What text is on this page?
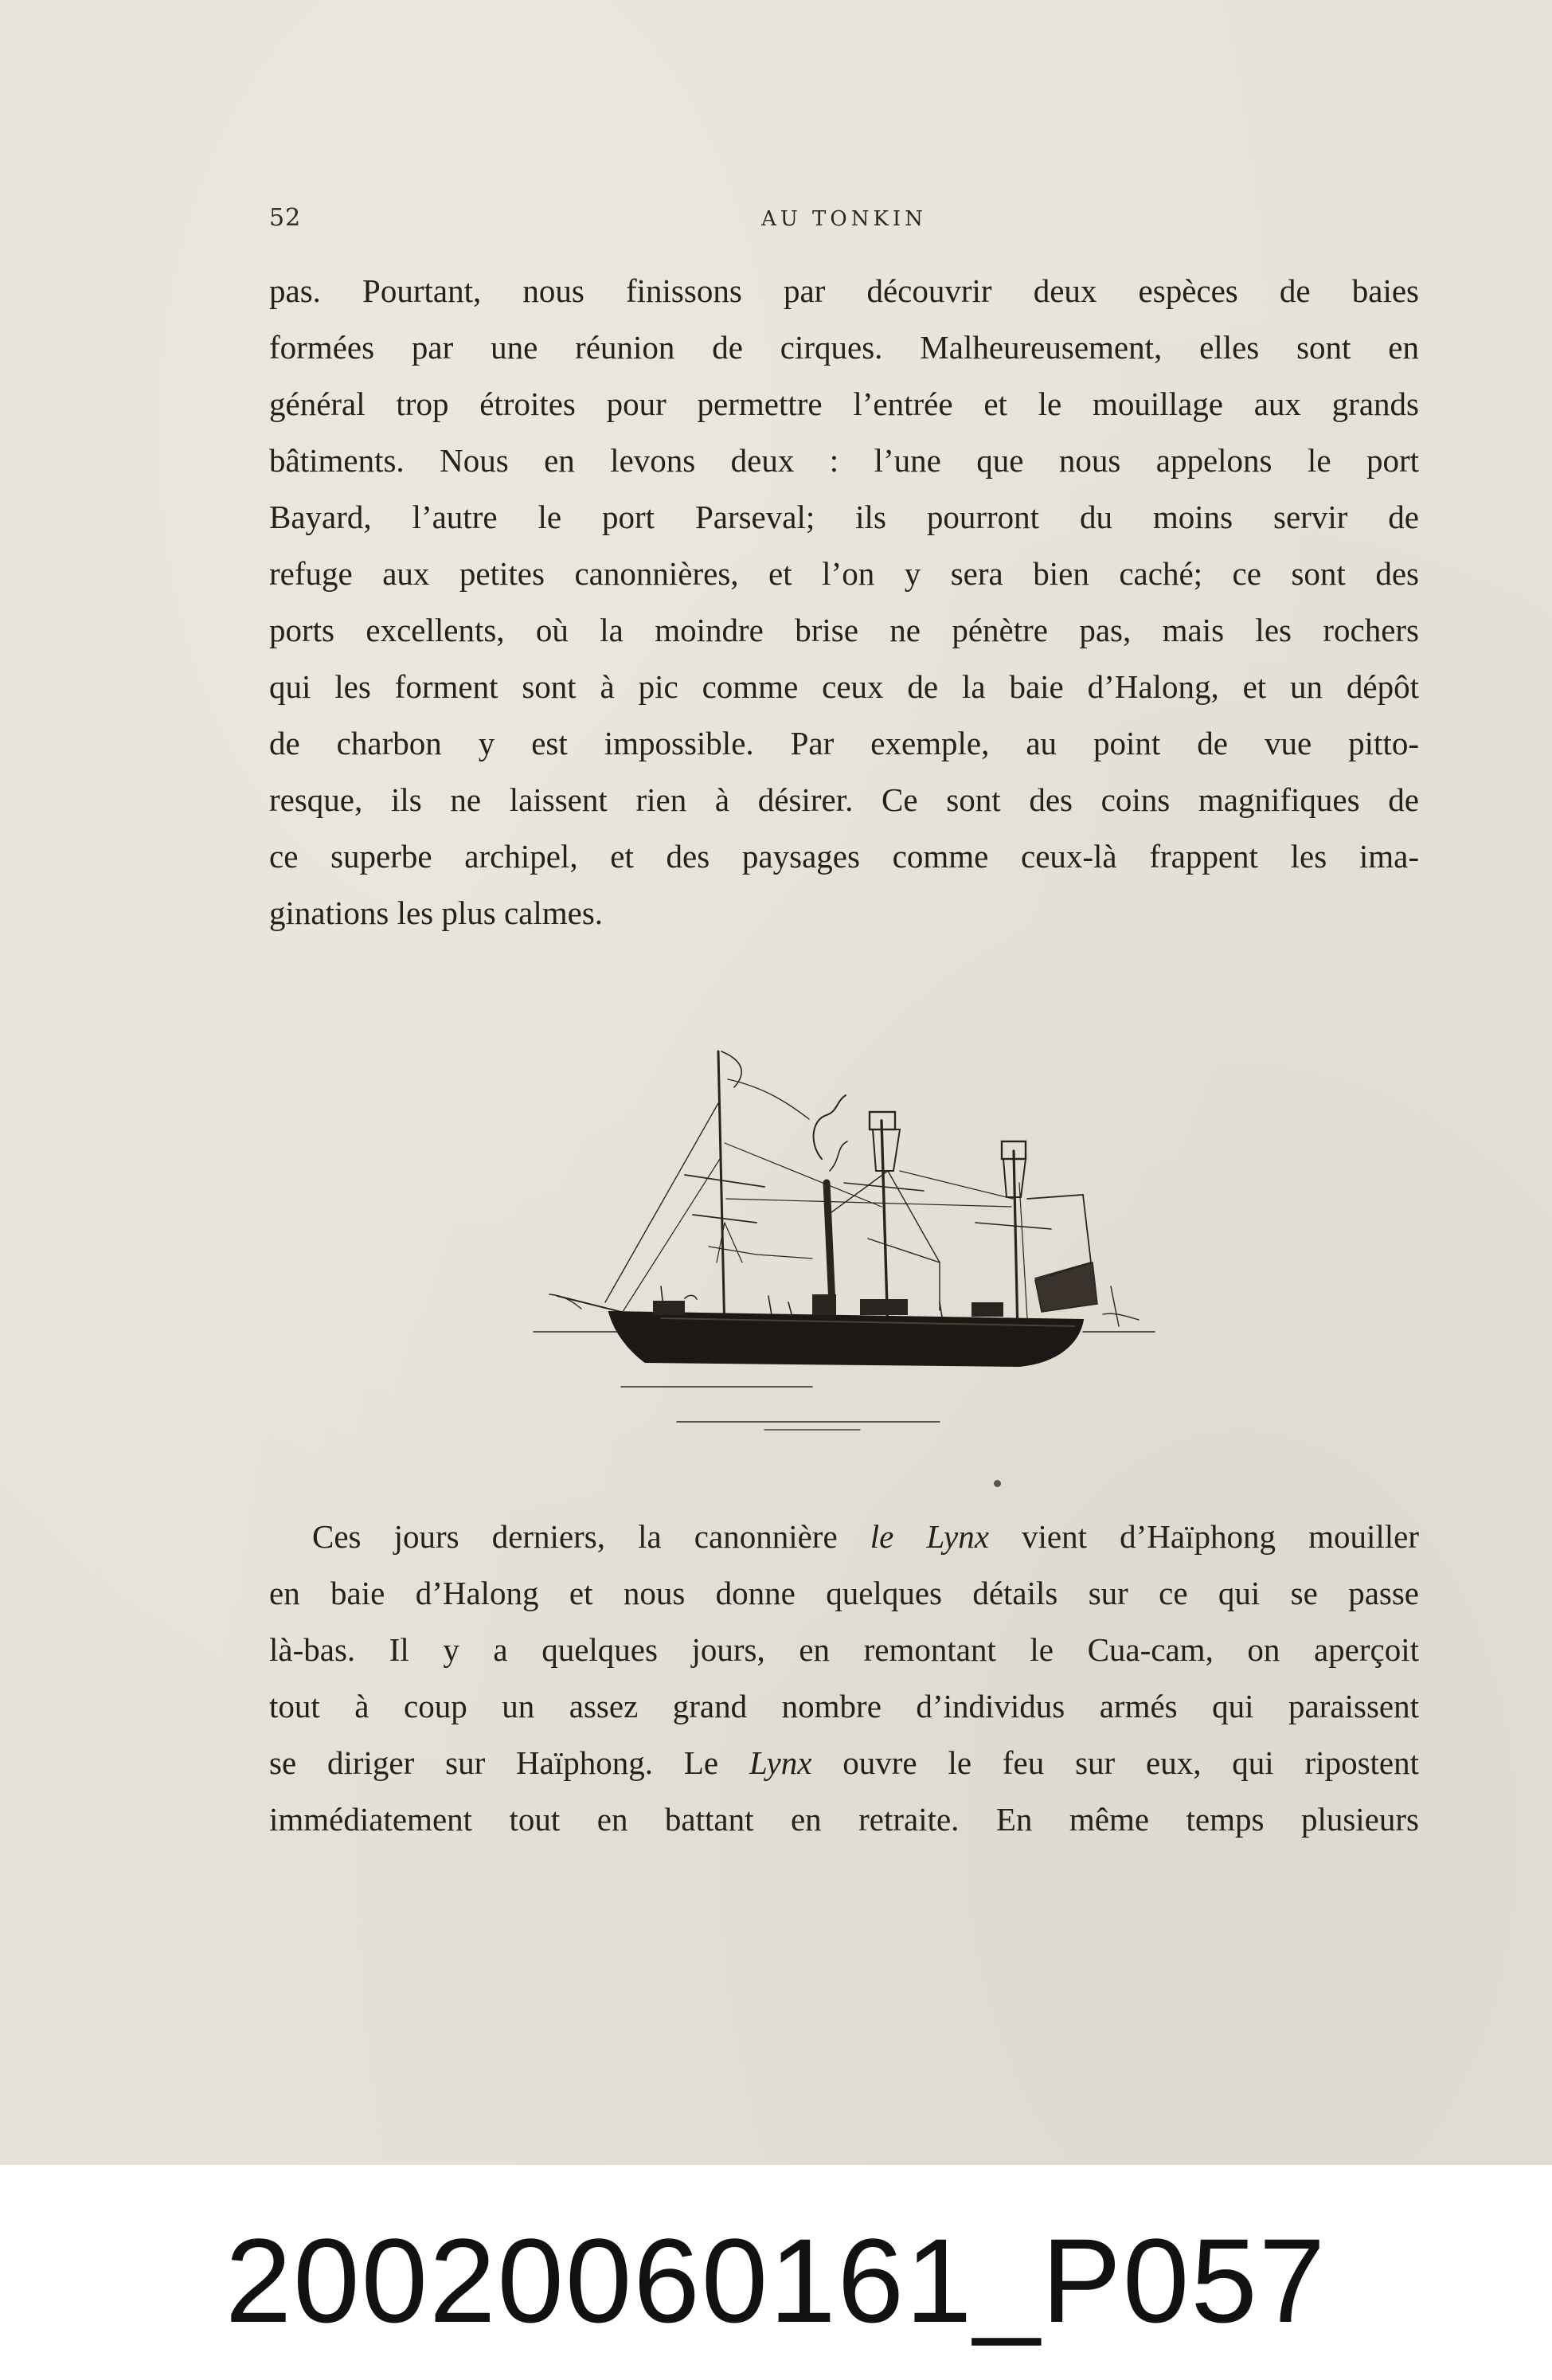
52	AU TONKIN
pas. Pourtant, nous finissons par découvrir deux espèces de baies
formées par une réunion de cirques. Malheureusement, elles sont en
général trop étroites pour permettre l’entrée et le mouillage aux grands
bâtiments. Nous en levons deux : l’une que nous appelons le port
Bayard, l’autre le port Parseval; ils pourront du moins servir de
refuge aux petites canonnières, et l’on y sera bien caché; ce sont des
ports excellents, où la moindre brise ne pénètre pas, mais les rochers
qui les forment sont à pic comme ceux de la baie d’Halong, et un dépôt
de charbon y est impossible. Par exemple, au point de vue pitto-
resque, ils ne laissent rien à désirer. Ce sont des coins magnifiques de
ce superbe archipel, et des paysages comme ceux-là frappent les ima-
ginations les plus calmes.
Ces jours derniers, la canonnière le Lynx vient d’Haïphong mouiller
en baie d’Halong et nous donne quelques détails sur ce qui se passe
là-bas. Il y a quelques jours, en remontant le Cua-cam, on aperçoit
tout à coup un assez grand nombre d’individus armés qui paraissent
se diriger sur Haïphong. Le Lynx ouvre le feu sur eux, qui ripostent
immédiatement tout en battant en retraite. En même temps plusieurs
20020060161_P057
